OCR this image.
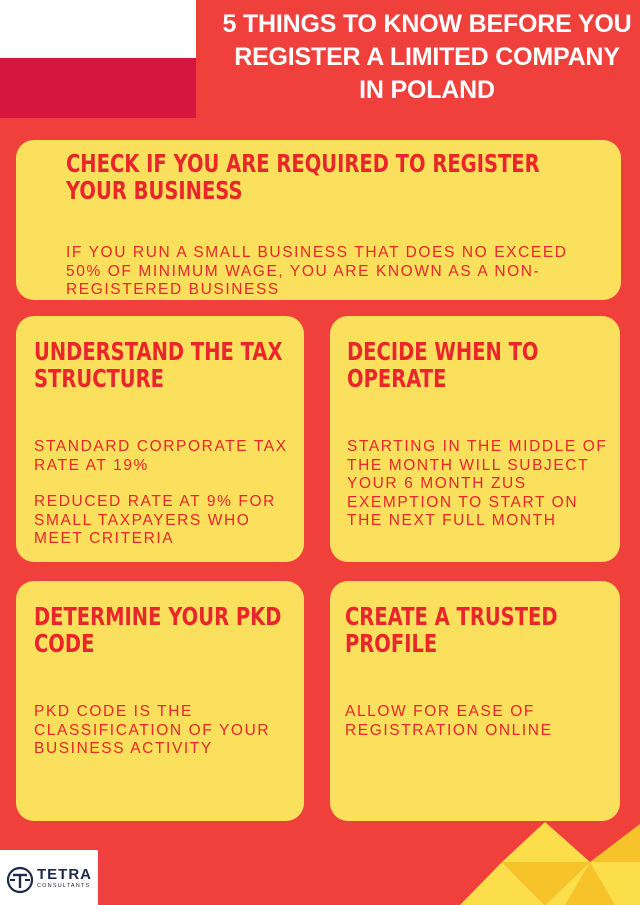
5 THINGS TO KNOW BEFORE YOU REGISTER A LIMITED COMPANY IN POLAND
CHECK IF YOU ARE REQUIRED TO REGISTER YOUR BUSINESS

IF YOU RUN A SMALL BUSINESS THAT DOES NO EXCEED 50% OF MINIMUM WAGE, YOU ARE KNOWN AS A NON-REGISTERED BUSINESS

UNDERSTAND THE TAX STRUCTURE

STANDARD CORPORATE TAX RATE AT 19%

REDUCED RATE AT 9% FOR SMALL TAXPAYERS WHO MEET CRITERIA

DECIDE WHEN TO OPERATE

STARTING IN THE MIDDLE OF THE MONTH WILL SUBJECT YOUR 6 MONTH ZUS EXEMPTION TO START ON THE NEXT FULL MONTH

DETERMINE YOUR PKD CODE

PKD CODE IS THE CLASSIFICATION OF YOUR BUSINESS ACTIVITY

CREATE A TRUSTED PROFILE

ALLOW FOR EASE OF REGISTRATION ONLINE

TETRA
CONSULTANTS
